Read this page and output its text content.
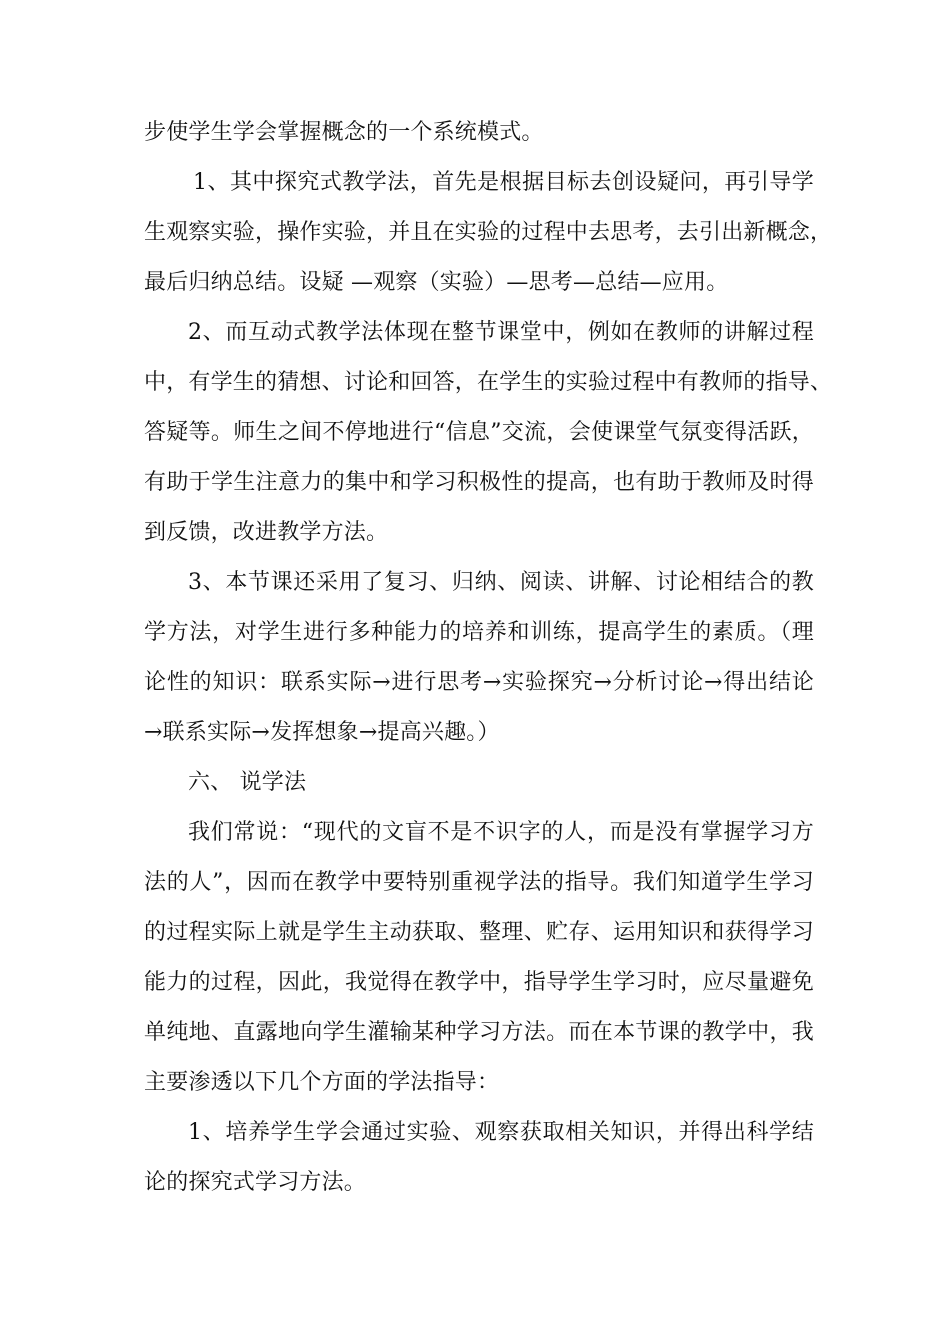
步使学生学会掌握概念的一个系统模式。
1、其中探究式教学法，首先是根据目标去创设疑问，再引导学
生观察实验，操作实验，并且在实验的过程中去思考，去引出新概念，
最后归纳总结。设疑 —观察（实验）—思考—总结—应用。
2、而互动式教学法体现在整节课堂中，例如在教师的讲解过程
中，有学生的猜想、讨论和回答，在学生的实验过程中有教师的指导、
答疑等。师生之间不停地进行“信息”交流，会使课堂气氛变得活跃，
有助于学生注意力的集中和学习积极性的提高，也有助于教师及时得
到反馈，改进教学方法。
3、本节课还采用了复习、归纳、阅读、讲解、讨论相结合的教
学方法，对学生进行多种能力的培养和训练，提高学生的素质。（理
论性的知识：联系实际→进行思考→实验探究→分析讨论→得出结论
→联系实际→发挥想象→提高兴趣。）
六、 说学法
我们常说：“现代的文盲不是不识字的人，而是没有掌握学习方
法的人”，因而在教学中要特别重视学法的指导。我们知道学生学习
的过程实际上就是学生主动获取、整理、贮存、运用知识和获得学习
能力的过程，因此，我觉得在教学中，指导学生学习时，应尽量避免
单纯地、直露地向学生灌输某种学习方法。而在本节课的教学中，我
主要渗透以下几个方面的学法指导：
1、培养学生学会通过实验、观察获取相关知识，并得出科学结
论的探究式学习方法。
